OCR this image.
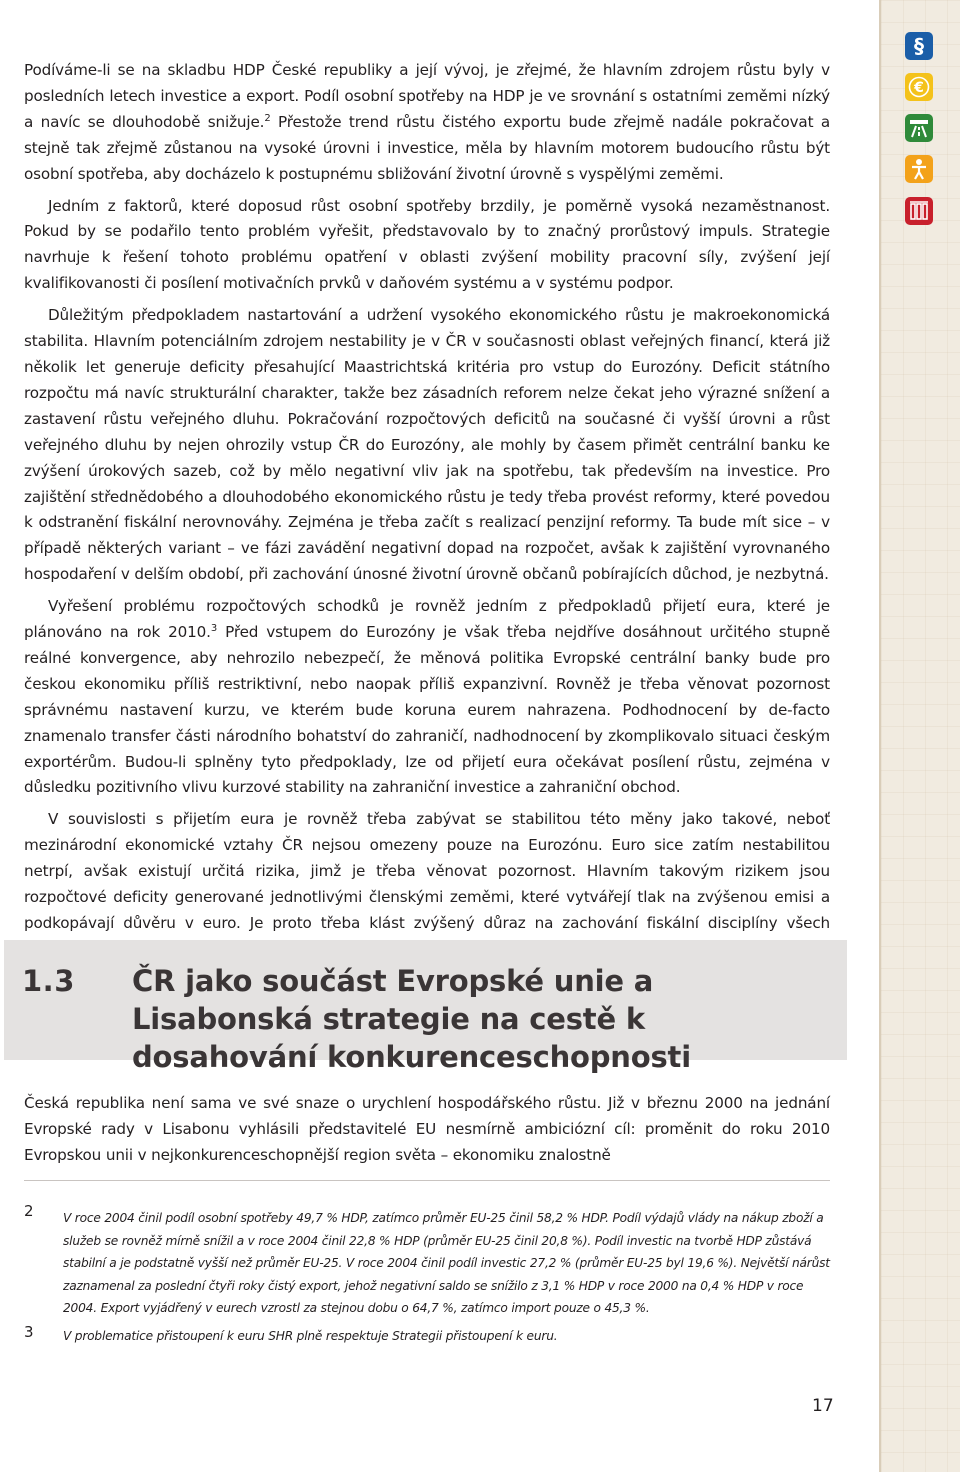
§
€

Podíváme-li se na skladbu HDP České republiky a její vývoj, je zřejmé, že hlavním zdrojem růstu byly v posledních letech investice a export. Podíl osobní spotřeby na HDP je ve srovnání s ostatními zeměmi nízký a navíc se dlouhodobě snižuje.$^2$ Přestože trend růstu čistého exportu bude zřejmě nadále pokračovat a stejně tak zřejmě zůstanou na vysoké úrovni i investice, měla by hlavním motorem budoucího růstu být osobní spotřeba, aby docházelo k postupnému sbližování životní úrovně s vyspělými zeměmi.

Jedním z faktorů, které doposud růst osobní spotřeby brzdily, je poměrně vysoká nezaměstnanost. Pokud by se podařilo tento problém vyřešit, představovalo by to značný prorůstový impuls. Strategie navrhuje k řešení tohoto problému opatření v oblasti zvýšení mobility pracovní síly, zvýšení její kvalifikovanosti či posílení motivačních prvků v daňovém systému a v systému podpor.

Důležitým předpokladem nastartování a udržení vysokého ekonomického růstu je makroekonomická stabilita. Hlavním potenciálním zdrojem nestability je v ČR v současnosti oblast veřejných financí, která již několik let generuje deficity přesahující Maastrichtská kritéria pro vstup do Eurozóny. Deficit státního rozpočtu má navíc strukturální charakter, takže bez zásadních reforem nelze čekat jeho výrazné snížení a zastavení růstu veřejného dluhu. Pokračování rozpočtových deficitů na současné či vyšší úrovni a růst veřejného dluhu by nejen ohrozily vstup ČR do Eurozóny, ale mohly by časem přimět centrální banku ke zvýšení úrokových sazeb, což by mělo negativní vliv jak na spotřebu, tak především na investice. Pro zajištění střednědobého a dlouhodobého ekonomického růstu je tedy třeba provést reformy, které povedou k odstranění fiskální nerovnováhy. Zejména je třeba začít s realizací penzijní reformy. Ta bude mít sice – v případě některých variant – ve fázi zavádění negativní dopad na rozpočet, avšak k zajištění vyrovnaného hospodaření v delším období, při zachování únosné životní úrovně občanů pobírajících důchod, je nezbytná.

Vyřešení problému rozpočtových schodků je rovněž jedním z předpokladů přijetí eura, které je plánováno na rok 2010.$^3$ Před vstupem do Eurozóny je však třeba nejdříve dosáhnout určitého stupně reálné konvergence, aby nehrozilo nebezpečí, že měnová politika Evropské centrální banky bude pro českou ekonomiku příliš restriktivní, nebo naopak příliš expanzivní. Rovněž je třeba věnovat pozornost správnému nastavení kurzu, ve kterém bude koruna eurem nahrazena. Podhodnocení by de-facto znamenalo transfer části národního bohatství do zahraničí, nadhodnocení by zkomplikovalo situaci českým exportérům. Budou-li splněny tyto předpoklady, lze od přijetí eura očekávat posílení růstu, zejména v důsledku pozitivního vlivu kurzové stability na zahraniční investice a zahraniční obchod.

V souvislosti s přijetím eura je rovněž třeba zabývat se stabilitou této měny jako takové, neboť mezinárodní ekonomické vztahy ČR nejsou omezeny pouze na Eurozónu. Euro sice zatím nestabilitou netrpí, avšak existují určitá rizika, jimž je třeba věnovat pozornost. Hlavním takovým rizikem jsou rozpočtové deficity generované jednotlivými členskými zeměmi, které vytvářejí tlak na zvýšenou emisi a podkopávají důvěru v euro. Je proto třeba klást zvýšený důraz na zachování fiskální disciplíny všech

1.3 ČR jako součást Evropské unie a Lisabonská strategie na cestě k dosahování konkurenceschopnosti
Česká republika není sama ve své snaze o urychlení hospodářského růstu. Již v březnu 2000 na jednání Evropské rady v Lisabonu vyhlásili představitelé EU nesmírně ambiciózní cíl: proměnit do roku 2010 Evropskou unii v nejkonkurenceschopnější region světa – ekonomiku znalostně
2 V roce 2004 činil podíl osobní spotřeby 49,7 % HDP, zatímco průměr EU-25 činil 58,2 % HDP. Podíl výdajů vlády na nákup zboží a služeb se rovněž mírně snížil a v roce 2004 činil 22,8 % HDP (průměr EU-25 činil 20,8 %). Podíl investic na tvorbě HDP zůstává stabilní a je podstatně vyšší než průměr EU-25. V roce 2004 činil podíl investic 27,2 % (průměr EU-25 byl 19,6 %). Největší nárůst zaznamenal za poslední čtyři roky čistý export, jehož negativní saldo se snížilo z 3,1 % HDP v roce 2000 na 0,4 % HDP v roce 2004. Export vyjádřený v eurech vzrostl za stejnou dobu o 64,7 %, zatímco import pouze o 45,3 %.
3 V problematice přistoupení k euru SHR plně respektuje Strategii přistoupení k euru.
17
